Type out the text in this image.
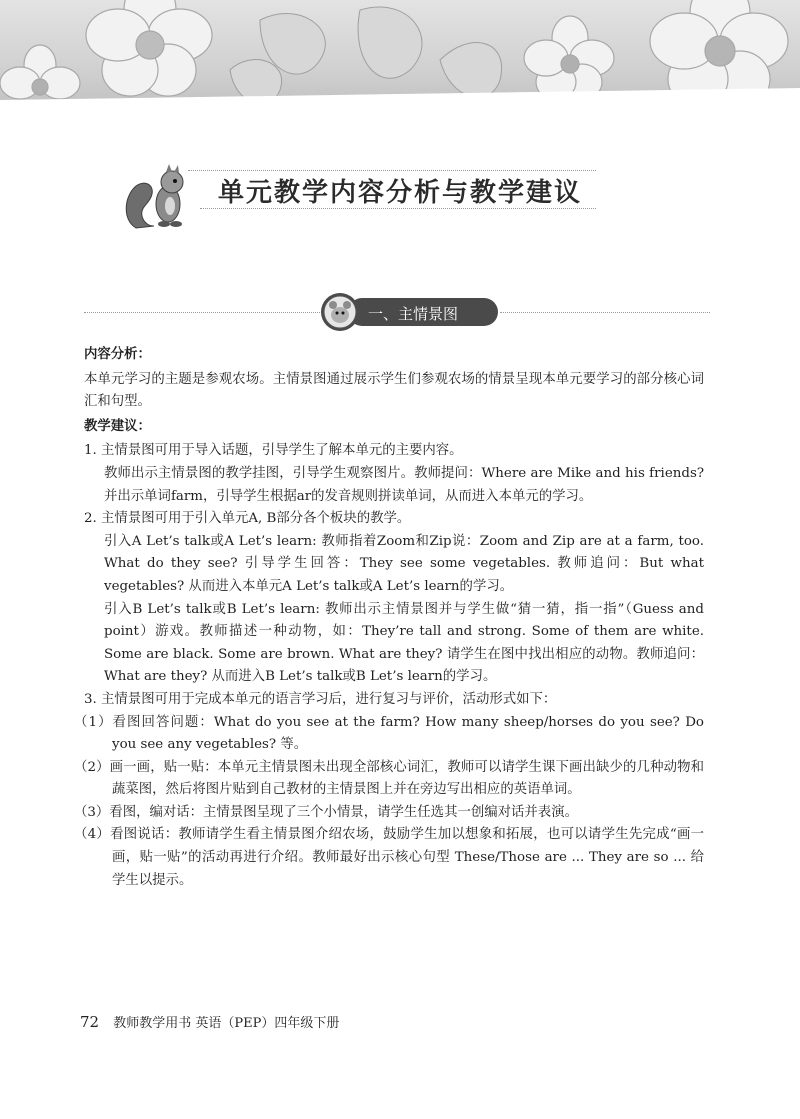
单元教学内容分析与教学建议
一、主情景图
内容分析：

本单元学习的主题是参观农场。主情景图通过展示学生们参观农场的情景呈现本单元要学习的部分核心词汇和句型。

教学建议：

1. 主情景图可用于导入话题，引导学生了解本单元的主要内容。

教师出示主情景图的教学挂图，引导学生观察图片。教师提问：Where are Mike and his friends? 并出示单词farm，引导学生根据ar的发音规则拼读单词，从而进入本单元的学习。

2. 主情景图可用于引入单元A, B部分各个板块的教学。

引入A Let’s talk或A Let’s learn: 教师指着Zoom和Zip说：Zoom and Zip are at a farm, too. What do they see? 引导学生回答：They see some vegetables. 教师追问：But what vegetables? 从而进入本单元A Let’s talk或A Let’s learn的学习。

引入B Let’s talk或B Let’s learn: 教师出示主情景图并与学生做“猜一猜，指一指”（Guess and point）游戏。教师描述一种动物，如：They’re tall and strong. Some of them are white. Some are black. Some are brown. What are they? 请学生在图中找出相应的动物。教师追问：What are they? 从而进入B Let’s talk或B Let’s learn的学习。

3. 主情景图可用于完成本单元的语言学习后，进行复习与评价，活动形式如下：

（1）看图回答问题：What do you see at the farm? How many sheep/horses do you see? Do you see any vegetables? 等。

（2）画一画，贴一贴：本单元主情景图未出现全部核心词汇，教师可以请学生课下画出缺少的几种动物和蔬菜图，然后将图片贴到自己教材的主情景图上并在旁边写出相应的英语单词。

（3）看图，编对话：主情景图呈现了三个小情景，请学生任选其一创编对话并表演。

（4）看图说话：教师请学生看主情景图介绍农场，鼓励学生加以想象和拓展，也可以请学生先完成“画一画，贴一贴”的活动再进行介绍。教师最好出示核心句型 These/Those are ... They are so ... 给学生以提示。

72 教师教学用书 英语（PEP）四年级下册
